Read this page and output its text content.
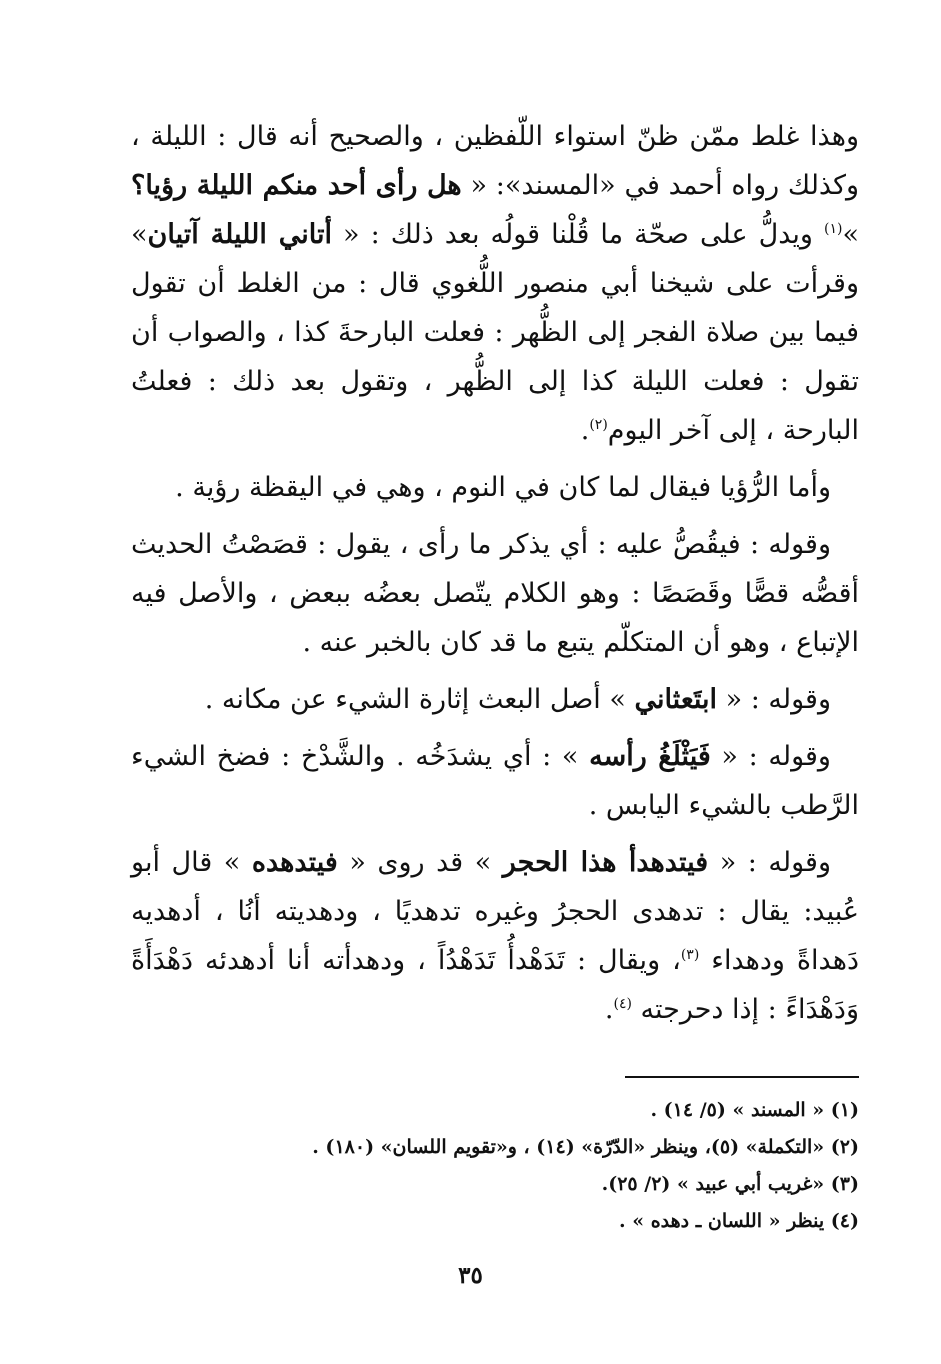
وهذا غلط ممّن ظنّ استواء اللّفظين ، والصحيح أنه قال : الليلة ، وكذلك رواه أحمد في «المسند»: « هل رأى أحد منكم الليلة رؤيا؟ »$^{(١)}$ ويدلُّ على صحّة ما قُلْنا قولُه بعد ذلك : « أتاني الليلة آتيان» وقرأت على شيخنا أبي منصور اللُّغوي قال : من الغلط أن تقول فيما بين صلاة الفجر إلى الظُّهر : فعلت البارحةَ كذا ، والصواب أن تقول : فعلت الليلة كذا إلى الظُّهر ، وتقول بعد ذلك : فعلتُ البارحة ، إلى آخر اليوم$^{(٢)}$.

وأما الرُّؤيا فيقال لما كان في النوم ، وهي في اليقظة رؤية .

وقوله : فيقُصُّ عليه : أي يذكر ما رأى ، يقول : قصَصْتُ الحديث أقصُّه قصًّا وقَصَصًا : وهو الكلام يتّصل بعضُه ببعض ، والأصل فيه الإتباع ، وهو أن المتكلّم يتبع ما قد كان بالخبر عنه .

وقوله : « ابتَعثاني » أصل البعث إثارة الشيء عن مكانه .

وقوله : « فَيَثْلَغُ رأسه » : أي يشدَخُه . والشَّدْخ : فضخ الشيء الرَّطب بالشيء اليابس .

وقوله : « فيتدهدأ هذا الحجر » قد روى « فيتدهده » قال أبو عُبيد: يقال : تدهدى الحجرُ وغيره تدهديًا ، ودهديته أنُا ، أدهديه دَهداةً ودهداء $^{(٣)}$، ويقال : تَدَهْدأُ تَدَهْدُاً ، ودهدأته أنا أدهدئه دَهْدَأَةً وَدَهْدَاءً : إذا دحرجته $^{(٤)}$.

(١) « المسند » (٥/ ١٤) .

(٢) «التكملة» (٥)، وينظر «الدّرّة» (١٤) ، و«تقويم اللسان» (١٨٠) .

(٣) «غريب أبي عبيد » (٢/ ٢٥).

(٤) ينظر « اللسان ـ دهده » .

٣٥
